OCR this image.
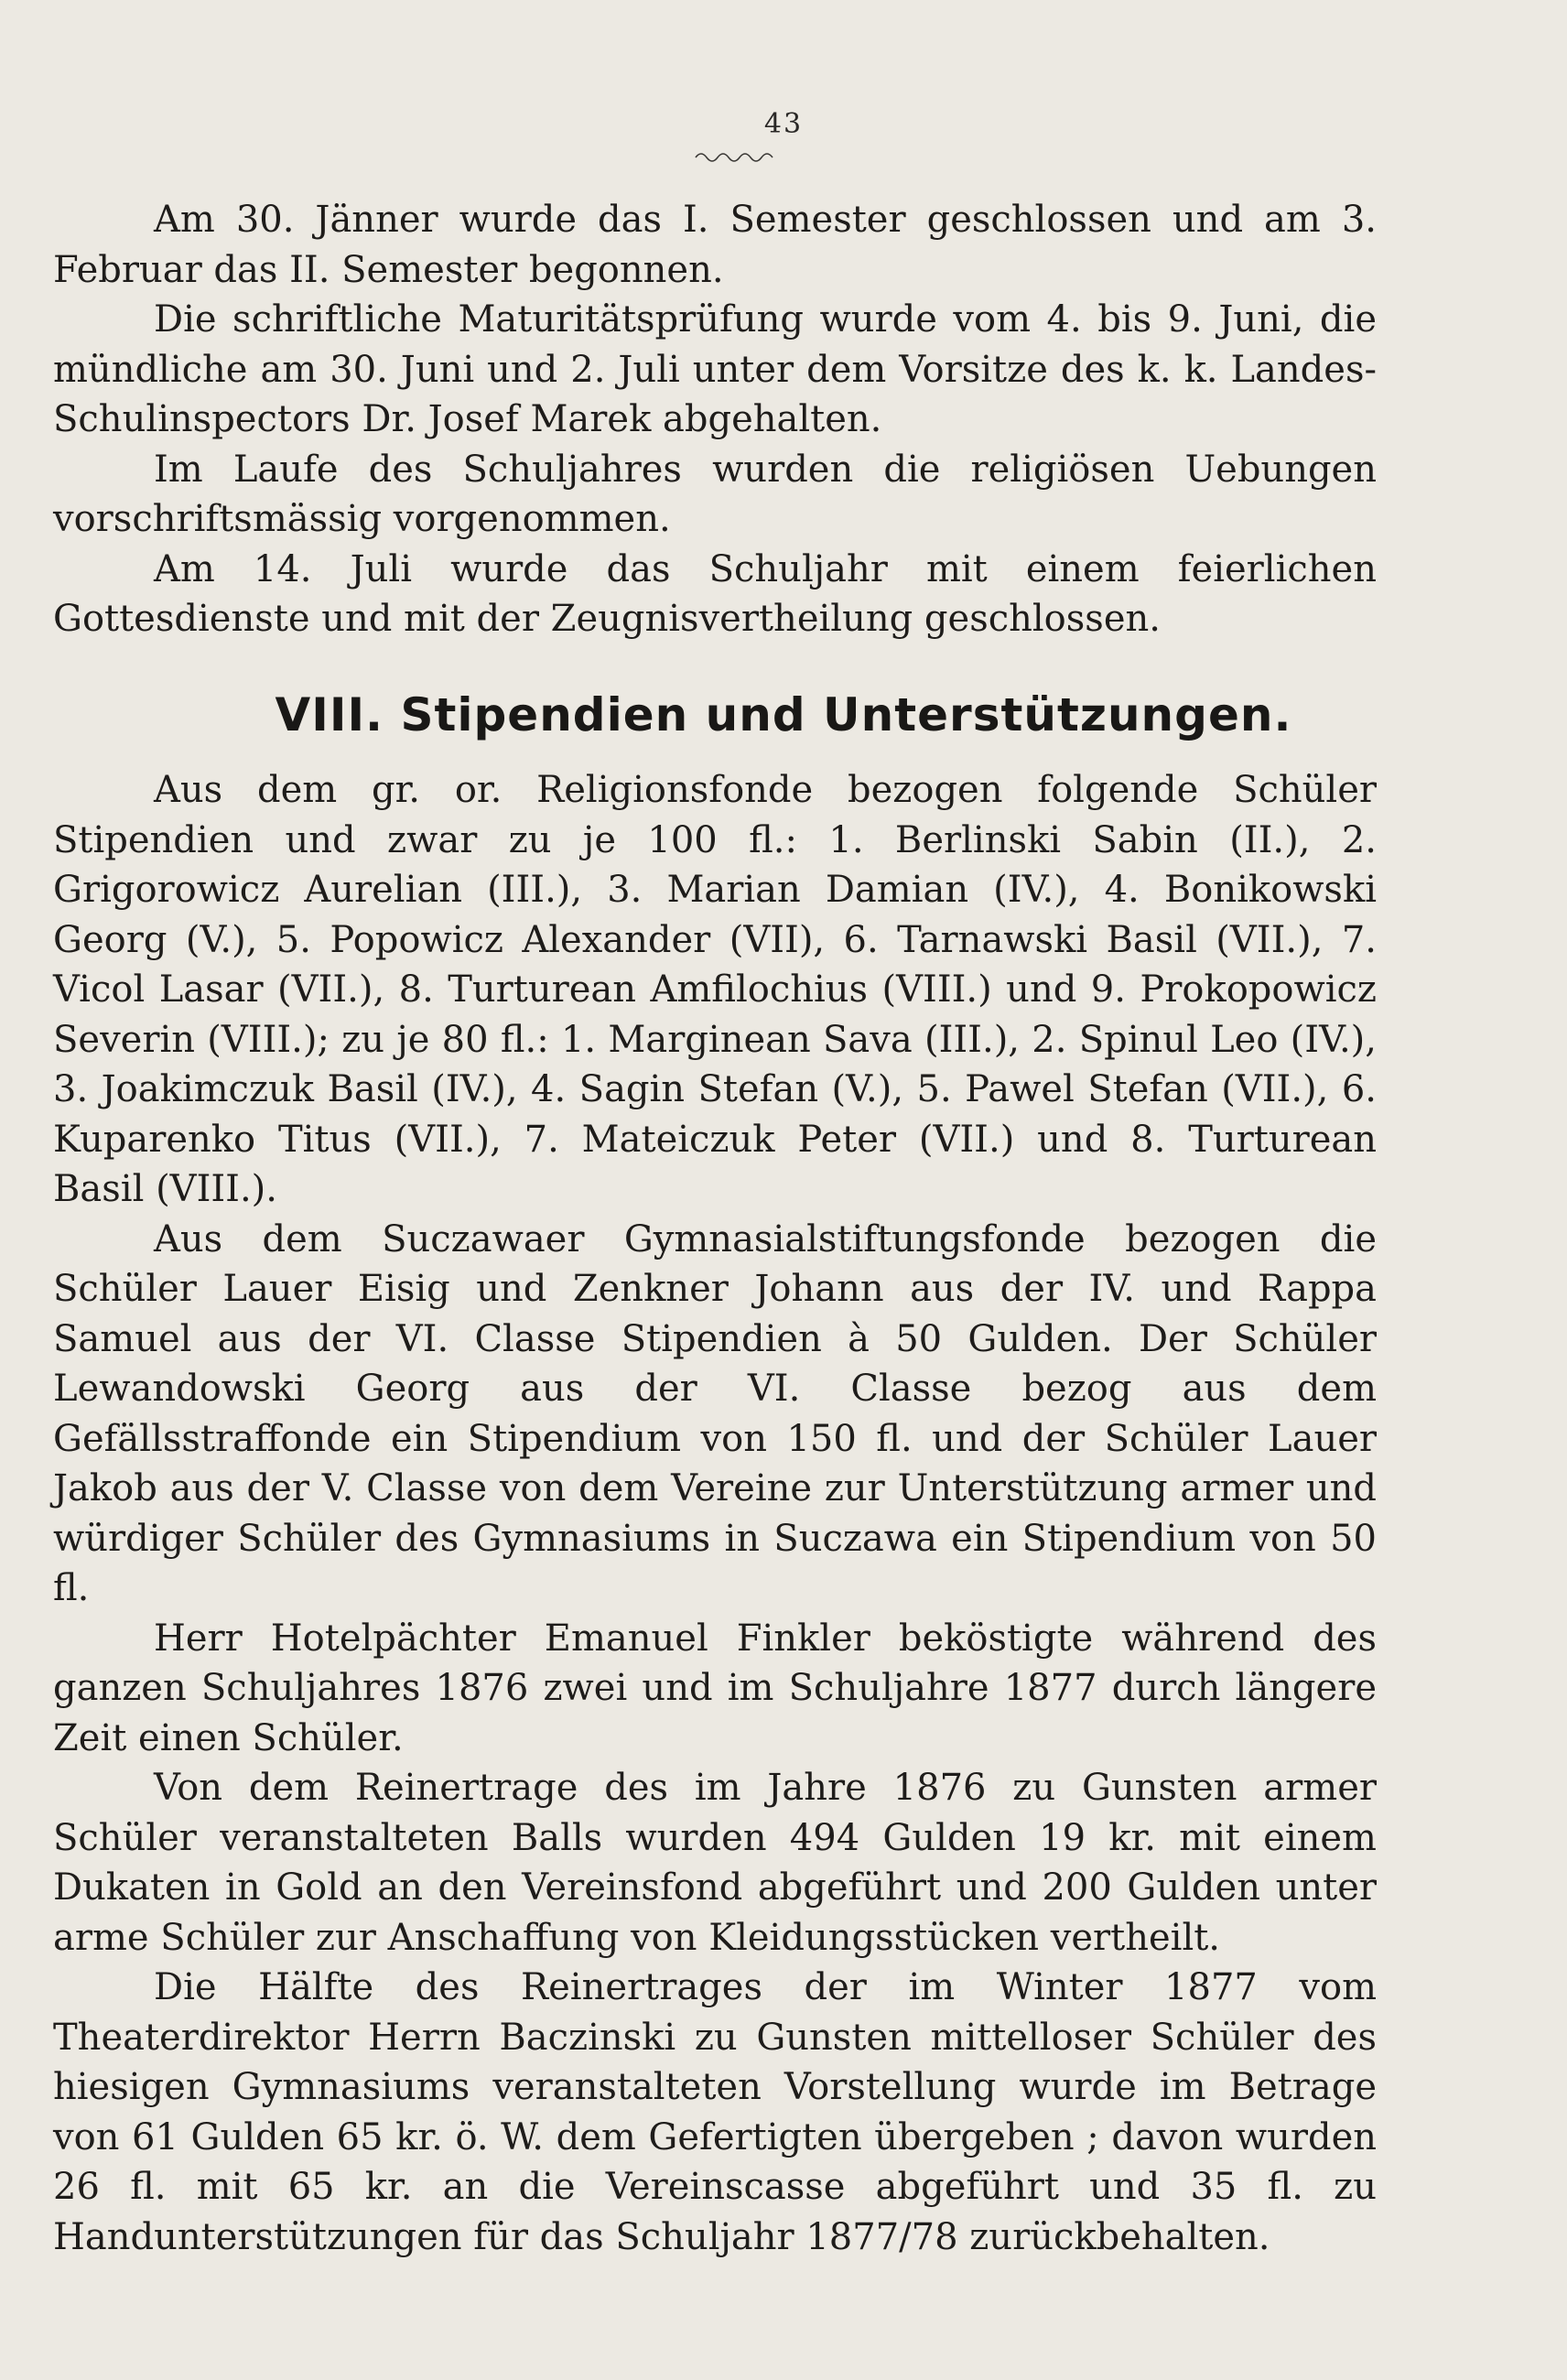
43

Am 30. Jänner wurde das I. Semester geschlossen und am 3. Februar das II. Semester begonnen.

Die schriftliche Maturitätsprüfung wurde vom 4. bis 9. Juni, die mündliche am 30. Juni und 2. Juli unter dem Vorsitze des k. k. Landes-Schulinspectors Dr. Josef Marek abgehalten.

Im Laufe des Schuljahres wurden die religiösen Uebungen vorschriftsmässig vorgenommen.

Am 14. Juli wurde das Schuljahr mit einem feierlichen Gottesdienste und mit der Zeugnisvertheilung geschlossen.

VIII. Stipendien und Unterstützungen.

Aus dem gr. or. Religionsfonde bezogen folgende Schüler Stipendien und zwar zu je 100 fl.: 1. Berlinski Sabin (II.), 2. Grigorowicz Aurelian (III.), 3. Marian Damian (IV.), 4. Bonikowski Georg (V.), 5. Popowicz Alexander (VII), 6. Tarnawski Basil (VII.), 7. Vicol Lasar (VII.), 8. Turturean Amfilochius (VIII.) und 9. Prokopowicz Severin (VIII.); zu je 80 fl.: 1. Marginean Sava (III.), 2. Spinul Leo (IV.), 3. Joakimczuk Basil (IV.), 4. Sagin Stefan (V.), 5. Pawel Stefan (VII.), 6. Kuparenko Titus (VII.), 7. Mateiczuk Peter (VII.) und 8. Turturean Basil (VIII.).

Aus dem Suczawaer Gymnasialstiftungsfonde bezogen die Schüler Lauer Eisig und Zenkner Johann aus der IV. und Rappa Samuel aus der VI. Classe Stipendien à 50 Gulden. Der Schüler Lewandowski Georg aus der VI. Classe bezog aus dem Gefällsstraffonde ein Stipendium von 150 fl. und der Schüler Lauer Jakob aus der V. Classe von dem Vereine zur Unterstützung armer und würdiger Schüler des Gymnasiums in Suczawa ein Stipendium von 50 fl.

Herr Hotelpächter Emanuel Finkler beköstigte während des ganzen Schuljahres 1876 zwei und im Schuljahre 1877 durch längere Zeit einen Schüler.

Von dem Reinertrage des im Jahre 1876 zu Gunsten armer Schüler veranstalteten Balls wurden 494 Gulden 19 kr. mit einem Dukaten in Gold an den Vereinsfond abgeführt und 200 Gulden unter arme Schüler zur Anschaffung von Kleidungsstücken vertheilt.

Die Hälfte des Reinertrages der im Winter 1877 vom Theaterdirektor Herrn Baczinski zu Gunsten mittelloser Schüler des hiesigen Gymnasiums veranstalteten Vorstellung wurde im Betrage von 61 Gulden 65 kr. ö. W. dem Gefertigten übergeben ; davon wurden 26 fl. mit 65 kr. an die Vereinscasse abgeführt und 35 fl. zu Handunterstützungen für das Schuljahr 1877/78 zurückbehalten.
